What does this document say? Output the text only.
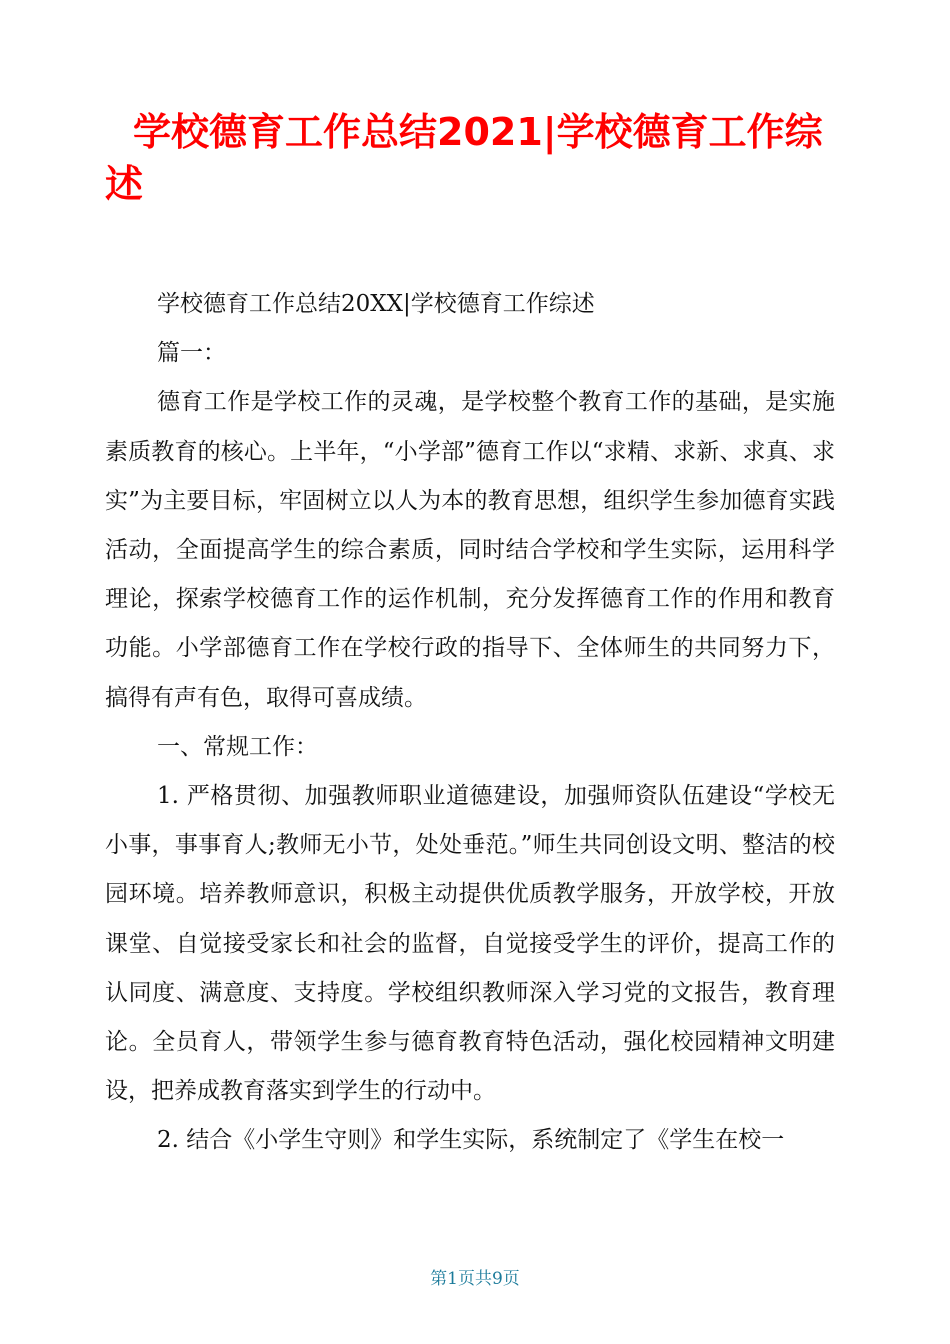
学校德育工作总结2021|学校德育工作综述

学校德育工作总结20XX|学校德育工作综述

篇一：

德育工作是学校工作的灵魂，是学校整个教育工作的基础，是实施素质教育的核心。上半年，“小学部”德育工作以“求精、求新、求真、求实”为主要目标，牢固树立以人为本的教育思想，组织学生参加德育实践活动，全面提高学生的综合素质，同时结合学校和学生实际，运用科学理论，探索学校德育工作的运作机制，充分发挥德育工作的作用和教育功能。小学部德育工作在学校行政的指导下、全体师生的共同努力下，搞得有声有色，取得可喜成绩。

一、常规工作：

1. 严格贯彻、加强教师职业道德建设，加强师资队伍建设“学校无小事，事事育人;教师无小节，处处垂范。”师生共同创设文明、整洁的校园环境。培养教师意识，积极主动提供优质教学服务，开放学校，开放课堂、自觉接受家长和社会的监督，自觉接受学生的评价，提高工作的认同度、满意度、支持度。学校组织教师深入学习党的文报告，教育理论。全员育人，带领学生参与德育教育特色活动，强化校园精神文明建设，把养成教育落实到学生的行动中。

2. 结合《小学生守则》和学生实际，系统制定了《学生在校一

第1页共9页
